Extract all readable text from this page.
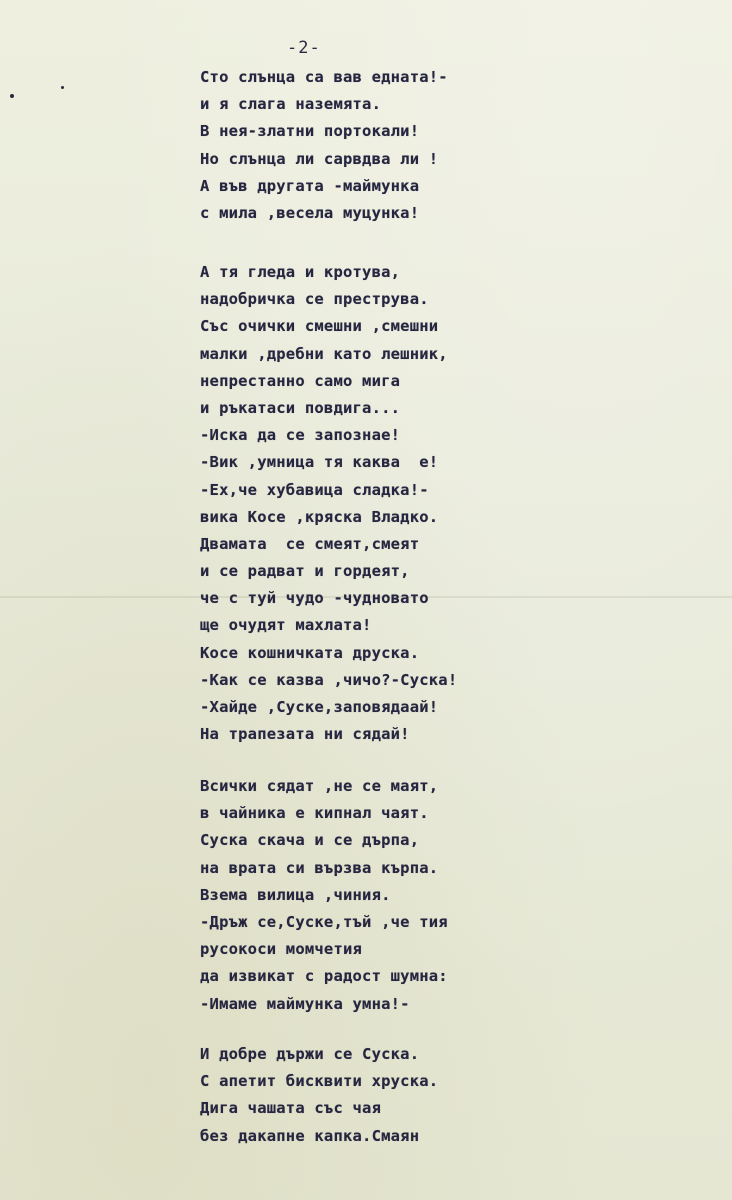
-2-
Сто слънца са вав едната!-
и я слага наземята.
В нея-златни портокали!
Но слънца ли сарвдва ли !
А във другата -маймунка
с мила ,весела муцунка!
А тя гледа и кротува,
надобричка се преструва.
Със очички смешни ,смешни
малки ,дребни като лешник,
непрестанно само мига
и ръкатаси повдига...
-Иска да се запознае!
-Вик ,умница тя каква  е!
-Ех,че хубавица сладка!-
вика Косе ,кряска Владко.
Двамата  се смеят,смеят
и се радват и гордеят,
че с туй чудо -чудновато
ще очудят махлата!
Косе кошничката друска.
-Как се казва ,чичо?-Суска!
-Хайде ,Суске,заповядаай!
На трапезата ни сядай!
Всички сядат ,не се маят,
в чайника е кипнал чаят.
Суска скача и се дърпа,
на врата си вързва кърпа.
Взема вилица ,чиния.
-Дръж се,Суске,тъй ,че тия
русокоси момчетия
да извикат с радост шумна:
-Имаме маймунка умна!-
И добре държи се Суска.
С апетит бисквити хруска.
Дига чашата със чая
без дакапне капка.Смаян
